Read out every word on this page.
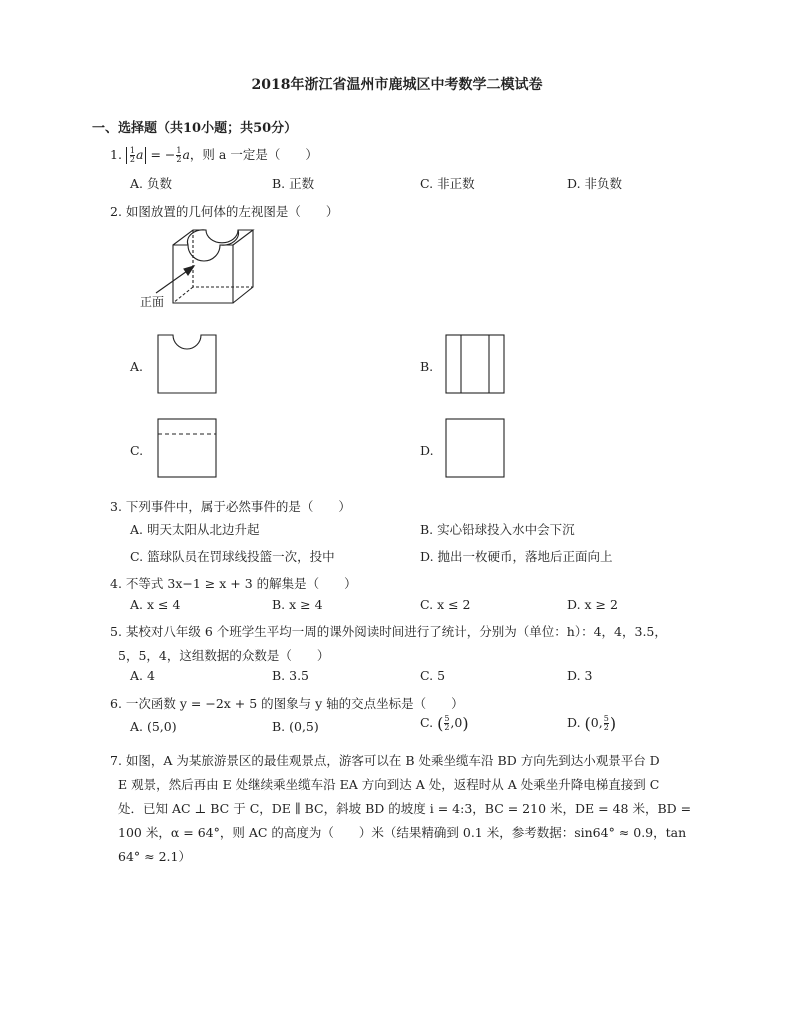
2018年浙江省温州市鹿城区中考数学二模试卷
一、选择题（共10小题；共50分）
1. $\frac{1}{2}$ a = − $\frac{1}{2}$ a，则 a 一定是（　　）
A. 负数	B. 正数	C. 非正数	D. 非负数
2. 如图放置的几何体的左视图是（　　）
正面
A.	B.
C.	D.
3. 下列事件中，属于必然事件的是（　　）
A. 明天太阳从北边升起	B. 实心铅球投入水中会下沉
C. 篮球队员在罚球线投篮一次，投中	D. 抛出一枚硬币，落地后正面向上
4. 不等式 3x−1 ≥ x + 3 的解集是（　　）
A. x ≤ 4	B. x ≥ 4	C. x ≤ 2	D. x ≥ 2
5. 某校对八年级 6 个班学生平均一周的课外阅读时间进行了统计，分别为（单位：h）：4，4，3.5，
5，5，4，这组数据的众数是（　　）
A. 4	B. 3.5	C. 5	D. 3
6. 一次函数 y = −2x + 5 的图象与 y 轴的交点坐标是（　　）
A. (5,0)	B. (0,5)	C. ( $\frac{5}{2} ,0$)	D. (0, $\frac{5}{2}$ )
7. 如图，A 为某旅游景区的最佳观景点，游客可以在 B 处乘坐缆车沿 BD 方向先到达小观景平台 D
E 观景，然后再由 E 处继续乘坐缆车沿 EA 方向到达 A 处，返程时从 A 处乘坐升降电梯直接到 C
处．已知 AC ⊥ BC 于 C，DE ∥ BC，斜坡 BD 的坡度 i = 4:3，BC = 210 米，DE = 48 米，BD =
100 米，α = 64°，则 AC 的高度为（　　）米（结果精确到 0.1 米，参考数据：sin64° ≈ 0.9，tan
64° ≈ 2.1）
